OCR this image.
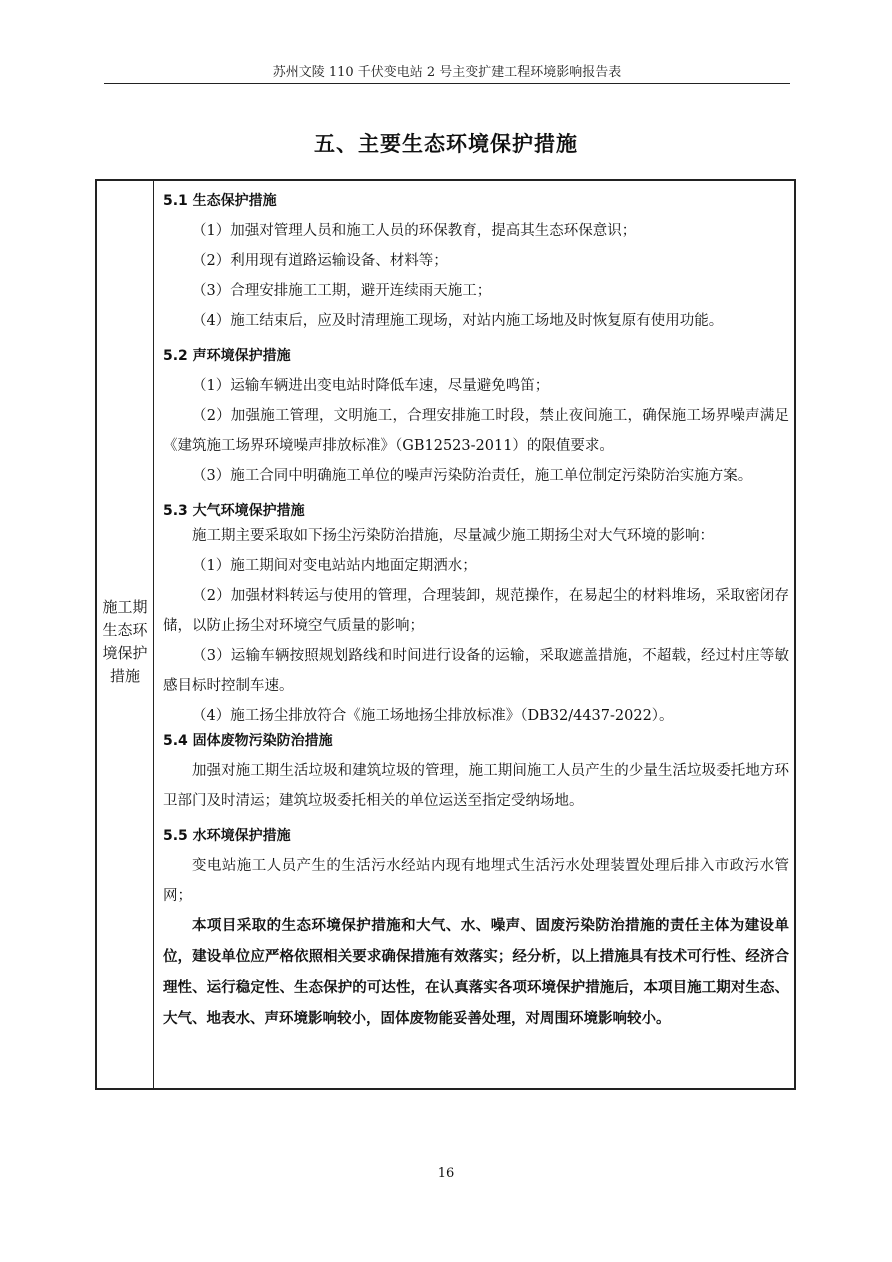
苏州文陵 110 千伏变电站 2 号主变扩建工程环境影响报告表
五、主要生态环境保护措施
施工期
生态环
境保护
措施

5.1 生态保护措施

（1）加强对管理人员和施工人员的环保教育，提高其生态环保意识；

（2）利用现有道路运输设备、材料等；

（3）合理安排施工工期，避开连续雨天施工；

（4）施工结束后，应及时清理施工现场，对站内施工场地及时恢复原有使用功能。

5.2 声环境保护措施

（1）运输车辆进出变电站时降低车速，尽量避免鸣笛；

（2）加强施工管理，文明施工，合理安排施工时段，禁止夜间施工，确保施工场界噪声满足《建筑施工场界环境噪声排放标准》（GB12523-2011）的限值要求。

（3）施工合同中明确施工单位的噪声污染防治责任，施工单位制定污染防治实施方案。

5.3 大气环境保护措施

施工期主要采取如下扬尘污染防治措施，尽量减少施工期扬尘对大气环境的影响：

（1）施工期间对变电站站内地面定期洒水；

（2）加强材料转运与使用的管理，合理装卸，规范操作，在易起尘的材料堆场，采取密闭存储，以防止扬尘对环境空气质量的影响；

（3）运输车辆按照规划路线和时间进行设备的运输，采取遮盖措施，不超载，经过村庄等敏感目标时控制车速。

（4）施工扬尘排放符合《施工场地扬尘排放标准》（DB32/4437-2022）。

5.4 固体废物污染防治措施

加强对施工期生活垃圾和建筑垃圾的管理，施工期间施工人员产生的少量生活垃圾委托地方环卫部门及时清运；建筑垃圾委托相关的单位运送至指定受纳场地。

5.5 水环境保护措施

变电站施工人员产生的生活污水经站内现有地埋式生活污水处理装置处理后排入市政污水管网；

本项目采取的生态环境保护措施和大气、水、噪声、固废污染防治措施的责任主体为建设单位，建设单位应严格依照相关要求确保措施有效落实；经分析，以上措施具有技术可行性、经济合理性、运行稳定性、生态保护的可达性，在认真落实各项环境保护措施后，本项目施工期对生态、大气、地表水、声环境影响较小，固体废物能妥善处理，对周围环境影响较小。

16
